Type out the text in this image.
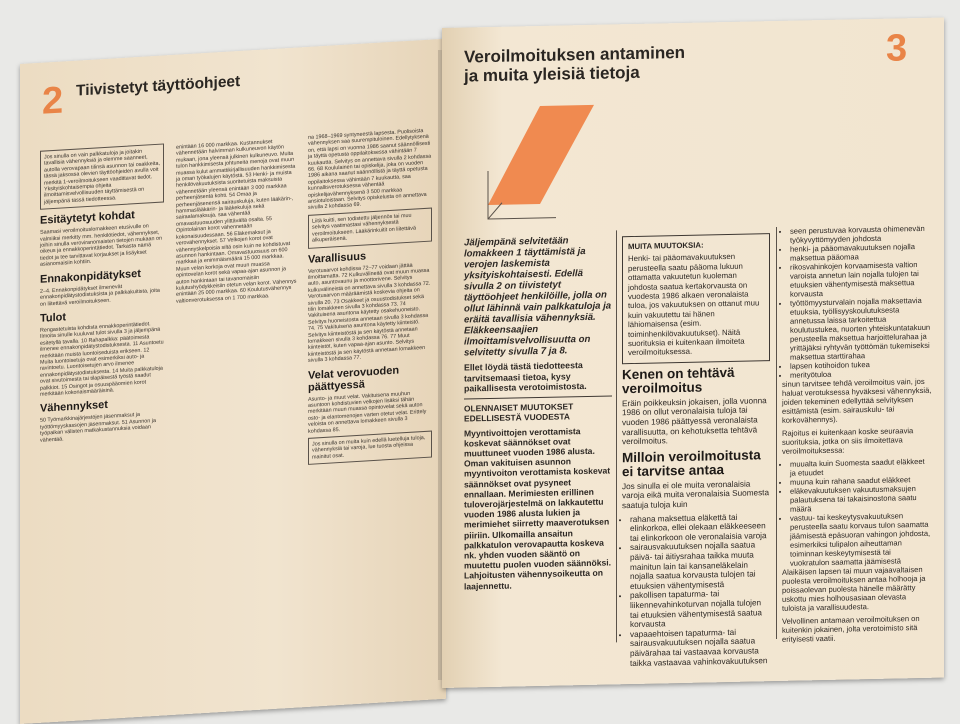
2 Tiivistetyt täyttöohjeet
Jos sinulla on vain palkkatuloja ja joitakin tavallisia vähennyksiä ja olemme saanneet, autolla verovapaan tilinsä asunnon tai osakkeita, tässä jaksossa olevien täyttöohjeiden avulla voit merkitä 1-veroilmoitukseen vaadittavat tiedot. Yksityiskohtaisempia ohjeita ilmoittamisvelvollisuuden täyttämisestä on jäljempänä tässä tiedotteessa.
Esitäytetyt kohdat

Saamasi veroilmoituslomakkeen etusivulle on valmiiksi merkitty mm. henkilötiedot, vähennykset, joihin sinulla veroviranomaisten tietojen mukaan on oikeus ja ennakkoperintätiedot. Tarkasta nämä tiedot ja tee tarvittavat korjaukset ja lisäykset asianomaisiin kohtiin.

Ennakonpidätykset

2–4. Ennakonpidätykset ilmenevät ennakonpidätystodistuksista ja palkkakuitista, joita on liitettävä veroilmoitukseen.

Tulot

Rengastetuista kohdista ennakkoperintätiedot. Ilmoita sinulle kuuluvat tulot sivulla 3 ja jäljempänä esitetyllä tavalla. 10 Rahapalkka: päätoimesta ilmenee ennakonpidätystodistuksesta. 11 Asuntoetu merkitään muista luontoiseduista erikseen. 12 Muita luontoisetuja ovat esimerkiksi auto- ja ravintoetu. Luontoisetujen arvo ilmenee ennakonpidätystodistuksesta. 14 Muita palkkatuloja ovat sivutoimesta tai tilapäisestä työstä saadut palkkiot. 15 Osingot ja osuuspääomien korot merkitään kokonaismääräisinä.

Vähennykset

50 Työmarkkinajärjestöjen jäsenmaksut ja työttömyyskassojen jäsenmaksut. 51 Asunnon ja työpaikan välisten matkakustannuksia voidaan vähentää.

enintään 16 000 markkaa. Kustannukset vähennetään halvimman kulkuneuvon käytön mukaan, jona yleensä julkinen kulkuneuvo. Muita tulon hankkimisesta johtuneita menoja ovat muun muassa kulut ammattikirjallisuuden hankkimisesta ja oman työkalujen käytöstä. 53 Henki- ja muista henkilövakuutuksista suoritetuista maksuista vähennetään yleensä enintään 3 000 markkaa perheenjäsentä kohti. 54 Omaa ja perheenjäsenensä sairauskuluja, kuten lääkärin-, hammaslääkärin- ja lääkekuluja sekä sairaalamaksuja, saa vähentää omavastuuosuuden ylittävältä osalta. 55 Opintolainan korot vähennetään kokonaisuudessaan. 56 Eläkemaksut ja verovähennykset. 57 Velkojen korot ovat vähennyskelpoisia siltä osin kuin ne kohdistuvat asunnon hankintaan. Omavastuuosuus on 600 markkaa ja enimmäismäärä 15 000 markkaa. Muun velan korkoja ovat muun muassa opintovelan korot sekä vapaa-ajan asunnon ja auton hankintaan tai tavanomaisiin kulutushyödykkeisiin otetun velan korot. Vähennys enintään 25 000 markkaa. 60 Koulutusvähennys valtionverotuksessa on 1 700 markkaa.

na 1968–1969 syntyneestä lapsesta. Puolisoista vähennyksen saa suurempituloinen. Edellytyksenä on, että lapsi on vuonna 1986 saanut säännöllisesti ja täyttä opetusta oppilaitoksessa vähintään 7 kuukautta. Selvitys on annettava sivulla 2 kohdassa 66. 68 Koululainen tai opiskelija, joka on vuoden 1986 aikana saanut säännöllistä ja täyttä opetusta oppilaitoksessa vähintään 7 kuukautta, saa kunnallisverotuksessa vähentää opiskelijavähennyksenä 3 500 markkaa ansiotuloistaan. Selvitys opiskelusta on annettava sivulla 2 kohdassa 69.

Liitä kuitti, sen todistettu jäljennös tai muu selvitys vaatimastasi vähennyksestä veroilmoitukseen. Lääkärinkuitit on liitettävä alkuperäisenä.
Varallisuus

Verotusarvot kohdissa 72–77 voidaan jättää ilmoittamatta. 72 Kulkuvälineitä ovat muun muassa auto, asuntovaunu ja moottorivene. Selvitys kulkuvälineistä on annettava sivulla 3 kohdassa 72. Verotusarvon määräämistä koskevia ohjeita on sivulla 20. 73 Osakkeet ja osuustodistukset sekä tilin lomakkeen sivulla 3 kohdassa 73. 74 Vakituisena asuntona käytetty osakehuoneisto. Selvitys huoneistosta annetaan sivulla 3 kohdassa 74. 75 Vakituisena asuntona käytetty kiinteistö. Selvitys kiinteistöstä ja sen käytöstä annetaan lomakkeen sivulla 3 kohdassa 76. 77 Muut kiinteistöt, kuten vapaa-ajan asunto. Selvitys kiinteistöstä ja sen käytöstä annetaan lomakkeen sivulla 3 kohdassa 77.

Velat verovuoden päättyessä

Asunto- ja muut velat. Vakituisena muuhun asuntoon kohdistuvien velkojen lisäksi tähän merkitään muun muassa opintovelat sekä auton osto- ja elantomenojen varten otetut velat. Erittely veloista on annettava lomakkeen sivulla 3 kohdassa 85.

Jos sinulla on muita kuin edellä luetelluja tuloja, vähennyksiä tai varoja, lue tuosta ohjeissa mainitut osat.
Veroilmoituksen antaminen
ja muita yleisiä tietoja
3

Jäljempänä selvitetään lomakkeen 1 täyttämistä ja verojen laskemista yksityiskohtaisesti. Edellä sivulla 2 on tiivistetyt täyttöohjeet henkilöille, jolla on ollut lähinnä vain palkkatuloja ja eräitä tavallisia vähennyksiä. Eläkkeensaajien ilmoittamisvelvollisuutta on selvitetty sivulla 7 ja 8.

Ellet löydä tästä tiedotteesta tarvitsemaasi tietoa, kysy paikallisesta verotoimistosta.

OLENNAISET MUUTOKSET EDELLISESTÄ VUODESTA

Myyntivoittojen verottamista koskevat säännökset ovat muuttuneet vuoden 1986 alusta. Oman vakituisen asunnon myyntivoiton verottamista koskevat säännökset ovat pysyneet ennallaan. Merimiesten erillinen tuloverojärjestelmä on lakkautettu vuoden 1986 alusta lukien ja merimiehet siirretty maaverotuksen piiriin. Ulkomailla ansaitun palkkatulon verovapautta koskeva nk. yhden vuoden sääntö on muutettu puolen vuoden säännöksi. Lahjoitusten vähennysoikeutta on laajennettu.

MUITA MUUTOKSIA:
Henki- tai pääomavakuutuksen perusteella saatu pääoma lukuun ottamatta vakuutetun kuoleman johdosta saatua kertakorvausta on vuodesta 1986 alkaen veronalaista tuloa, jos vakuutuksen on ottanut muu kuin vakuutettu tai hänen lähiomaisensa (esim. toiminhenkilövakuutukset). Näitä suorituksia ei kuitenkaan ilmoiteta veroilmoituksessa.
Kenen on tehtävä veroilmoitus

Eräin poikkeuksin jokaisen, jolla vuonna 1986 on ollut veronalaisia tuloja tai vuoden 1986 päättyessä veronalaista varallisuutta, on kehotuksetta tehtävä veroilmoitus.

Milloin veroilmoitusta ei tarvitse antaa

Jos sinulla ei ole muita veronalaisia varoja eikä muita veronalaisia Suomesta saatuja tuloja kuin

• rahana maksettua eläkettä tai elinkorkoa, ellei olekaan eläkkeeseen tai elinkorkoon ole veronalaisia varoja
• sairausvakuutuksen nojalla saatua päivä- tai äitiysrahaa taikka muuta mainitun lain tai kansaneläkelain nojalla saatua korvausta tulojen tai etuuksien vähentymisestä
• pakollisen tapaturma- tai liikennevahinkoturvan nojalla tulojen tai etuuksien vähentymisestä saatua korvausta
• vapaaehtoisen tapaturma- tai sairausvakuutuksen nojalla saatua päivärahaa tai vastaavaa korvausta taikka vastaavaa vahinkovakuutuksen
• seen perustuvaa korvausta ohimenevän työkyvyttömyyden johdosta
• henki- ja pääomavakuutuksen nojalla maksettua pääomaa
• rikosvahinkojen korvaamisesta valtion varoista annetun lain nojalla tulojen tai etuuksien vähentymisestä maksettua korvausta
• työttömyysturvalain nojalla maksettavia etuuksia, työllisyyskoulutuksesta annetussa laissa tarkoitettua koulutustukea, nuorten yhteiskuntatakuun perusteella maksettua harjoittelurahaa ja yrittäjäksi ryhtyvän työttömän tukemiseksi maksettua starttirahaa
• lapsen kotihoidon tukea
• merityötuloa

sinun tarvitsee tehdä veroilmoitus vain, jos haluat verotuksessa hyväksesi vähennyksiä, joiden tekeminen edellyttää selvityksen esittämistä (esim. sairauskulu- tai korkovähennys).

Rajoitus ei kuitenkaan koske seuraavia suorituksia, jotka on siis ilmoitettava veroilmoituksessa:

• muualta kuin Suomesta saadut eläkkeet ja etuudet
• muuna kuin rahana saadut eläkkeet
• eläkevakuutuksen vakuutusmaksujen palautuksena tai takaisinostona saatu määrä
• vastuu- tai keskeytysvakuutuksen perusteella saatu korvaus tulon saamatta jäämisestä epäsuoran vahingon johdosta, esimerkiksi tulipalon aiheuttaman toiminnan keskeytymisestä tai vuokratulon saamatta jäämisestä

Alaikäisen lapsen tai muun vajaavaltaisen puolesta veroilmoituksen antaa holhooja ja poissaolevan puolesta hänelle määrätty uskottu mies holhousasiaan olevasta tuloista ja varallisuudesta.

Velvollinen antamaan veroilmoituksen on kuitenkin jokainen, jolta verotoimisto sitä erityisesti vaatii.
